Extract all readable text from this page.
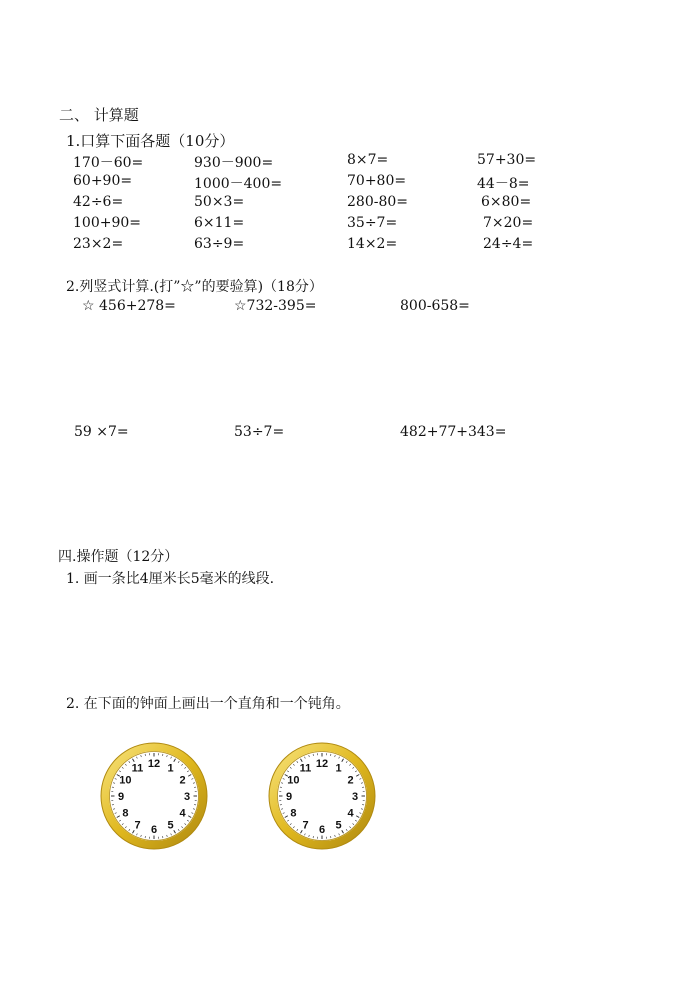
二、 计算题
1.口算下面各题（10分）
170－60=	930－900=	8×7=	57+30=
60+90=	1000－400=	70+80=	44－8=
42÷6=	50×3=	280-80=	6×80=
100+90=	6×11=	35÷7=	7×20=
23×2=	63÷9=	14×2=	24÷4=
2.列竖式计算.(打”☆”的要验算)（18分）
☆ 456+278=	☆732-395=	800-658=
59 ×7=	53÷7=	482+77+343=
四.操作题（12分）
1. 画一条比4厘米长5毫米的线段.
2. 在下面的钟面上画出一个直角和一个钝角。
12 1
2
3
4
5
6
7
8
9
10
11	12 1
2
3
4
5
6
7
8
9
10
11
